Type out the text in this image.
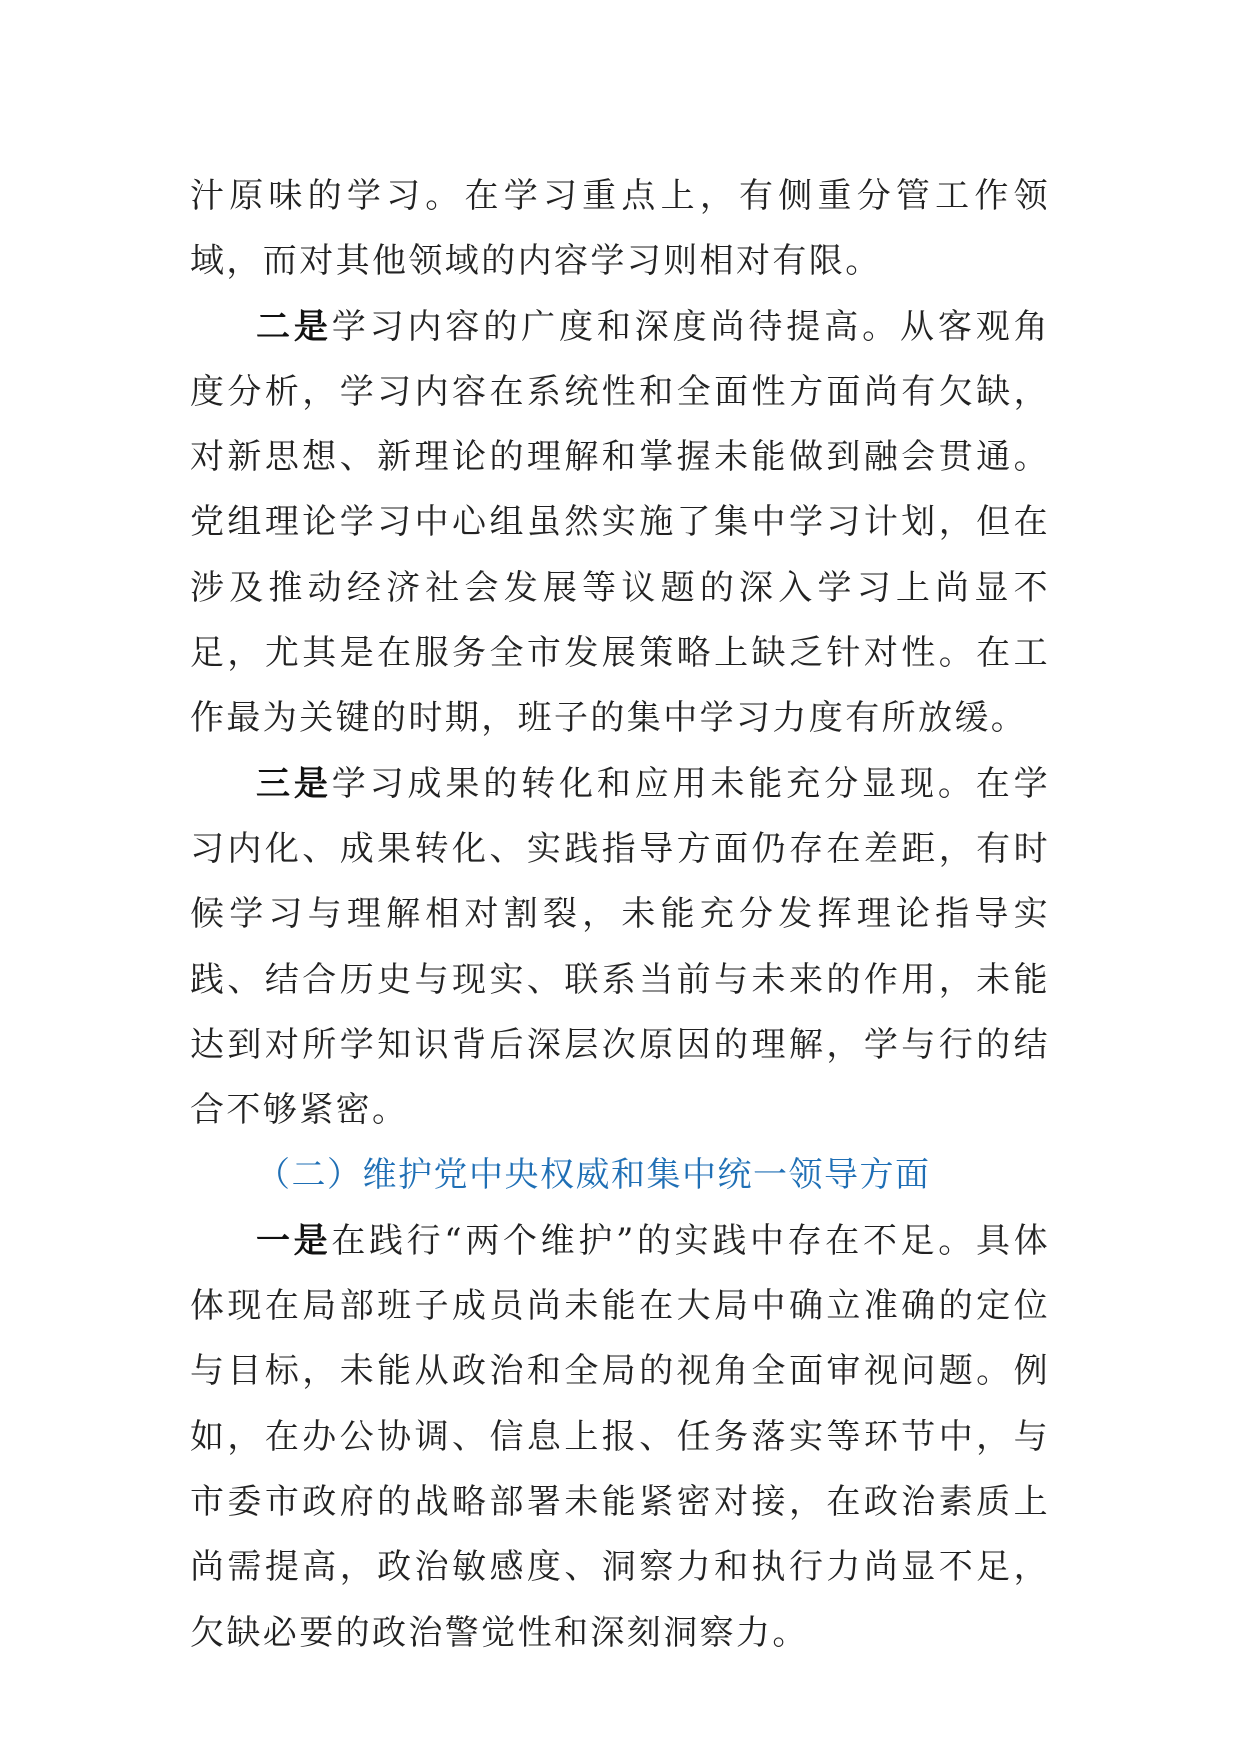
汁原味的学习。在学习重点上，有侧重分管工作领域，而对其他领域的内容学习则相对有限。

二是学习内容的广度和深度尚待提高。从客观角度分析，学习内容在系统性和全面性方面尚有欠缺，对新思想、新理论的理解和掌握未能做到融会贯通。党组理论学习中心组虽然实施了集中学习计划，但在涉及推动经济社会发展等议题的深入学习上尚显不足，尤其是在服务全市发展策略上缺乏针对性。在工作最为关键的时期，班子的集中学习力度有所放缓。

三是学习成果的转化和应用未能充分显现。在学习内化、成果转化、实践指导方面仍存在差距，有时候学习与理解相对割裂，未能充分发挥理论指导实践、结合历史与现实、联系当前与未来的作用，未能达到对所学知识背后深层次原因的理解，学与行的结合不够紧密。

（二）维护党中央权威和集中统一领导方面

一是在践行“两个维护”的实践中存在不足。具体体现在局部班子成员尚未能在大局中确立准确的定位与目标，未能从政治和全局的视角全面审视问题。例如，在办公协调、信息上报、任务落实等环节中，与市委市政府的战略部署未能紧密对接，在政治素质上尚需提高，政治敏感度、洞察力和执行力尚显不足，欠缺必要的政治警觉性和深刻洞察力。
